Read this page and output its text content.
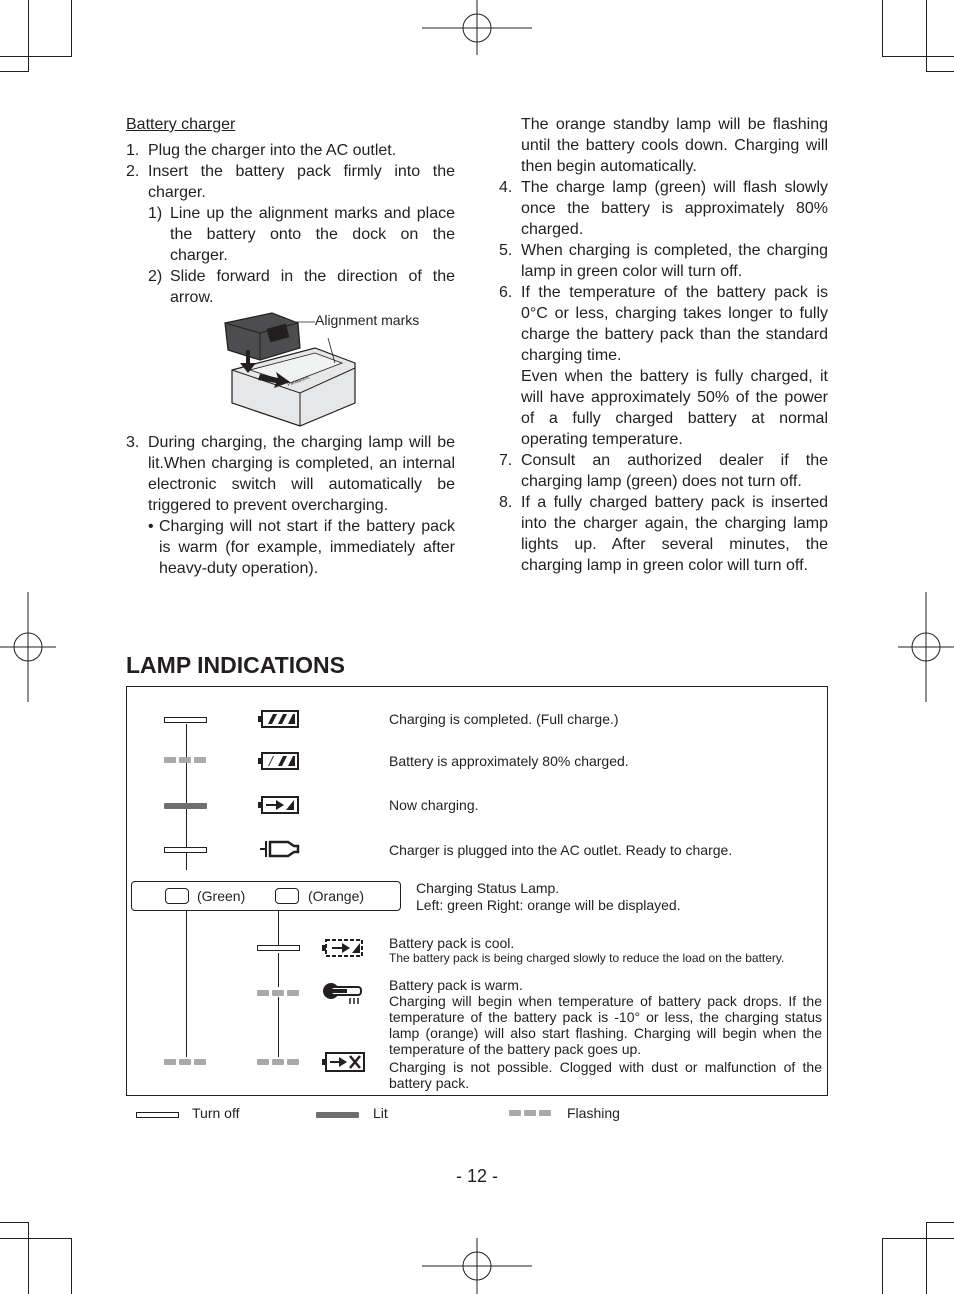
Battery charger

1. Plug the charger into the AC outlet.
2. Insert the battery pack firmly into the charger.
1) Line up the alignment marks and place the battery onto the dock on the charger.
2) Slide forward in the direction of the arrow.
Panasonic
Alignment marks
3. During charging, the charging lamp will be lit.When charging is completed, an internal electronic switch will automatically be triggered to prevent overcharging.
• Charging will not start if the battery pack is warm (for example, immediately after heavy-duty operation).

The orange standby lamp will be flashing until the battery cools down. Charging will then begin automatically.

4. The charge lamp (green) will flash slowly once the battery is approximately 80% charged.
5. When charging is completed, the charging lamp in green color will turn off.
6. If the temperature of the battery pack is 0°C or less, charging takes longer to fully charge the battery pack than the standard charging time.

Even when the battery is fully charged, it will have approximately 50% of the power of a fully charged battery at normal operating temperature.

7. Consult an authorized dealer if the charging lamp (green) does not turn off.
8. If a fully charged battery pack is inserted into the charger again, the charging lamp lights up. After several minutes, the charging lamp in green color will turn off.
LAMP INDICATIONS
Charging is completed. (Full charge.)
Battery is approximately 80% charged.
Now charging.
Charger is plugged into the AC outlet. Ready to charge.
(Green)	(Orange)	Charging Status Lamp.
Left: green Right: orange will be displayed.
Battery pack is cool.
The battery pack is being charged slowly to reduce the load on the battery.
Battery pack is warm.
Charging will begin when temperature of battery pack drops. If the temperature of the battery pack is -10° or less, the charging status lamp (orange) will also start flashing. Charging will begin when the temperature of the battery pack goes up.
Charging is not possible. Clogged with dust or malfunction of the battery pack.
Turn off	Lit	Flashing
- 12 -
